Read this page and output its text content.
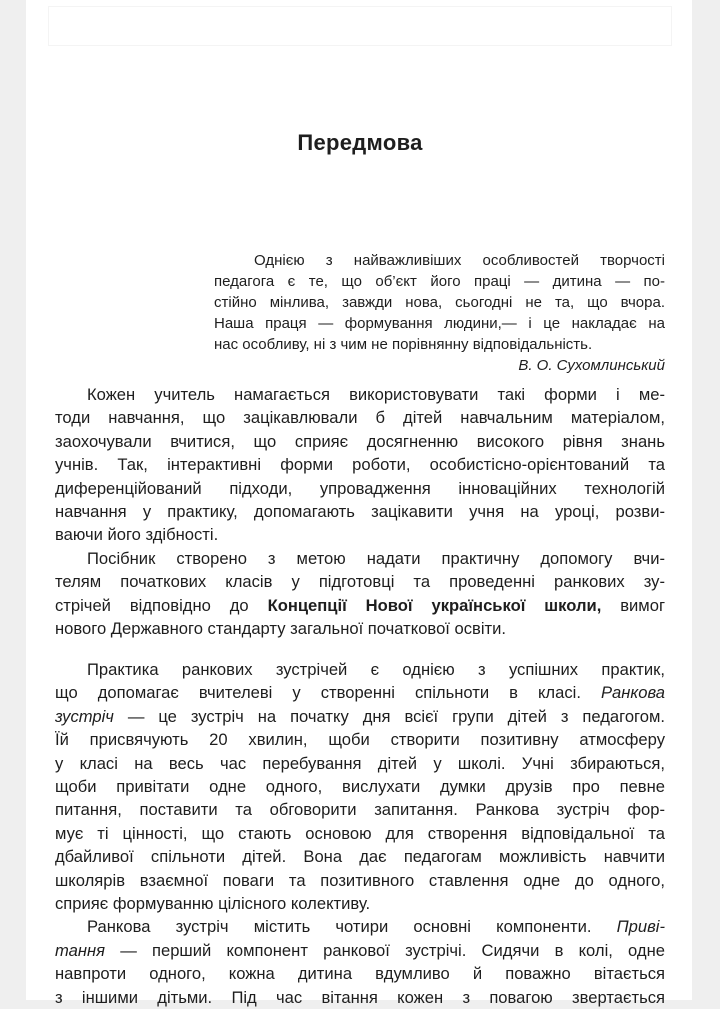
Передмова
Однією з найважливіших особливостей творчості
педагога є те, що об’єкт його праці — дитина — по-
стійно мінлива, завжди нова, сьогодні не та, що вчора.
Наша праця — формування людини,— і це накладає на
нас особливу, ні з чим не порівнянну відповідальність.
В. О. Сухомлинський
Кожен учитель намагається використовувати такі форми і ме-
тоди навчання, що зацікавлювали б дітей навчальним матеріалом,
заохочували вчитися, що сприяє досягненню високого рівня знань
учнів. Так, інтерактивні форми роботи, особистісно-орієнтований та
диференційований підходи, упровадження інноваційних технологій
навчання у практику, допомагають зацікавити учня на уроці, розви-
ваючи його здібності.
Посібник створено з метою надати практичну допомогу вчи-
телям початкових класів у підготовці та проведенні ранкових зу-
стрічей відповідно до Концепції Нової української школи, вимог
нового Державного стандарту загальної початкової освіти.
Практика ранкових зустрічей є однією з успішних практик,
що допомагає вчителеві у створенні спільноти в класі. Ранкова
зустріч — це зустріч на початку дня всієї групи дітей з педагогом.
Їй присвячують 20 хвилин, щоби створити позитивну атмосферу
у класі на весь час перебування дітей у школі. Учні збираються,
щоби привітати одне одного, вислухати думки друзів про певне
питання, поставити та обговорити запитання. Ранкова зустріч фор-
мує ті цінності, що стають основою для створення відповідальної та
дбайливої спільноти дітей. Вона дає педагогам можливість навчити
школярів взаємної поваги та позитивного ставлення одне до одного,
сприяє формуванню цілісного колективу.
Ранкова зустріч містить чотири основні компоненти. Приві-
тання — перший компонент ранкової зустрічі. Сидячи в колі, одне
навпроти одного, кожна дитина вдумливо й поважно вітається
з іншими дітьми. Під час вітання кожен з повагою звертається
